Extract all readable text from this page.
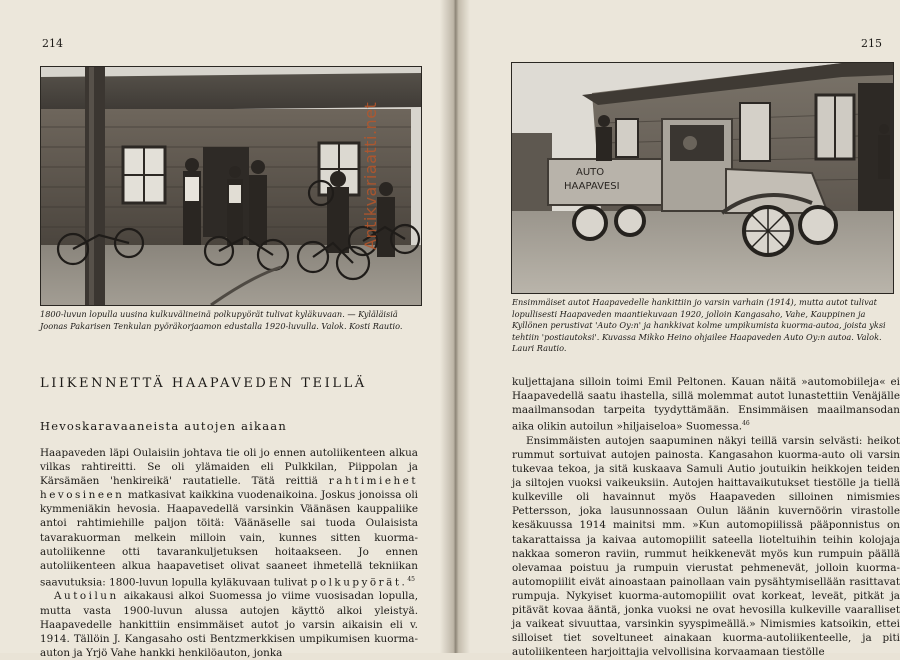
214
1800-luvun lopulla uusina kulkuvälineinä polkupyörät tulivat kyläkuvaan. — Kyläläisiä Joonas Pakarisen Tenkulan pyöräkorjaamon edustalla 1920-luvulla. Valok. Kosti Rautio.
LIIKENNETTÄ HAAPAVEDEN TEILLÄ
Hevoskaravaaneista autojen aikaan

Haapaveden läpi Oulaisiin johtava tie oli jo ennen autoliikenteen alkua vilkas rahtireitti. Se oli ylämaiden eli Pulkkilan, Piippolan ja Kärsämäen 'henkireikä' rautatielle. Tätä reittiä rahtimiehet hevosineen matkasivat kaikkina vuodenaikoina. Joskus jonoissa oli kymmeniäkin hevosia. Haapavedellä varsinkin Väänäsen kauppaliike antoi rahtimiehille paljon töitä: Väänäselle sai tuoda Oulaisista tavarakuorman melkein milloin vain, kunnes sitten kuorma-autoliikenne otti tavarankuljetuksen hoitaakseen. Jo ennen autoliikenteen alkua haapavetiset olivat saaneet ihmetellä tekniikan saavutuksia: 1800-luvun lopulla kyläkuvaan tulivat polkupyörät.$^{45}$

Autoilun aikakausi alkoi Suomessa jo viime vuosisadan lopulla, mutta vasta 1900-luvun alussa autojen käyttö alkoi yleistyä. Haapavedelle hankittiin ensimmäiset autot jo varsin aikaisin eli v. 1914. Tällöin J. Kangasaho osti Bentzmerkkisen umpikumisen kuorma-auton ja Yrjö Vahe hankki henkilöauton, jonka

Antikvariaatti.net
215
AUTO
HAAPAVESI
Ensimmäiset autot Haapavedelle hankittiin jo varsin varhain (1914), mutta autot tulivat lopullisesti Haapaveden maantiekuvaan 1920, jolloin Kangasaho, Vahe, Kauppinen ja Kyllönen perustivat 'Auto Oy:n' ja hankkivat kolme umpikumista kuorma-autoa, joista yksi tehtiin 'postiautoksi'. Kuvassa Mikko Heino ohjailee Haapaveden Auto Oy:n autoa. Valok. Lauri Rautio.

kuljettajana silloin toimi Emil Peltonen. Kauan näitä »automobiileja« ei Haapavedellä saatu ihastella, sillä molemmat autot lunastettiin Venäjälle maailmansodan tarpeita tyydyttämään. Ensimmäisen maailmansodan aika olikin autoilun »hiljaiseloa» Suomessa.$^{46}$

Ensimmäisten autojen saapuminen näkyi teillä varsin selvästi: heikot rummut sortuivat autojen painosta. Kangasahon kuorma-auto oli varsin tukevaa tekoa, ja sitä kuskaava Samuli Autio joutuikin heikkojen teiden ja siltojen vuoksi vaikeuksiin. Autojen haittavaikutukset tiestölle ja tiellä kulkeville oli havainnut myös Haapaveden silloinen nimismies Pettersson, joka lausunnossaan Oulun läänin kuvernöörin virastolle kesäkuussa 1914 mainitsi mm. »Kun automopiilissä pääponnistus on takarattaissa ja kaivaa automopiilit sateella lioteltuihin teihin kolojaja nakkaa someron raviin, rummut heikkenevät myös kun rumpuin päällä olevamaa poistuu ja rumpuin vierustat pehmenevät, jolloin kuorma-automopiilit eivät ainoastaan painollaan vain pysähtymisellään rasittavat rumpuja. Nykyiset kuorma-automopiilit ovat korkeat, leveät, pitkät ja pitävät kovaa ääntä, jonka vuoksi ne ovat hevosilla kulkeville vaaralliset ja vaikeat sivuuttaa, varsinkin syyspimeällä.» Nimismies katsoikin, ettei silloiset tiet soveltuneet ainakaan kuorma-autoliikenteelle, ja piti autoliikenteen harjoittajia velvollisina korvaamaan tiestölle
